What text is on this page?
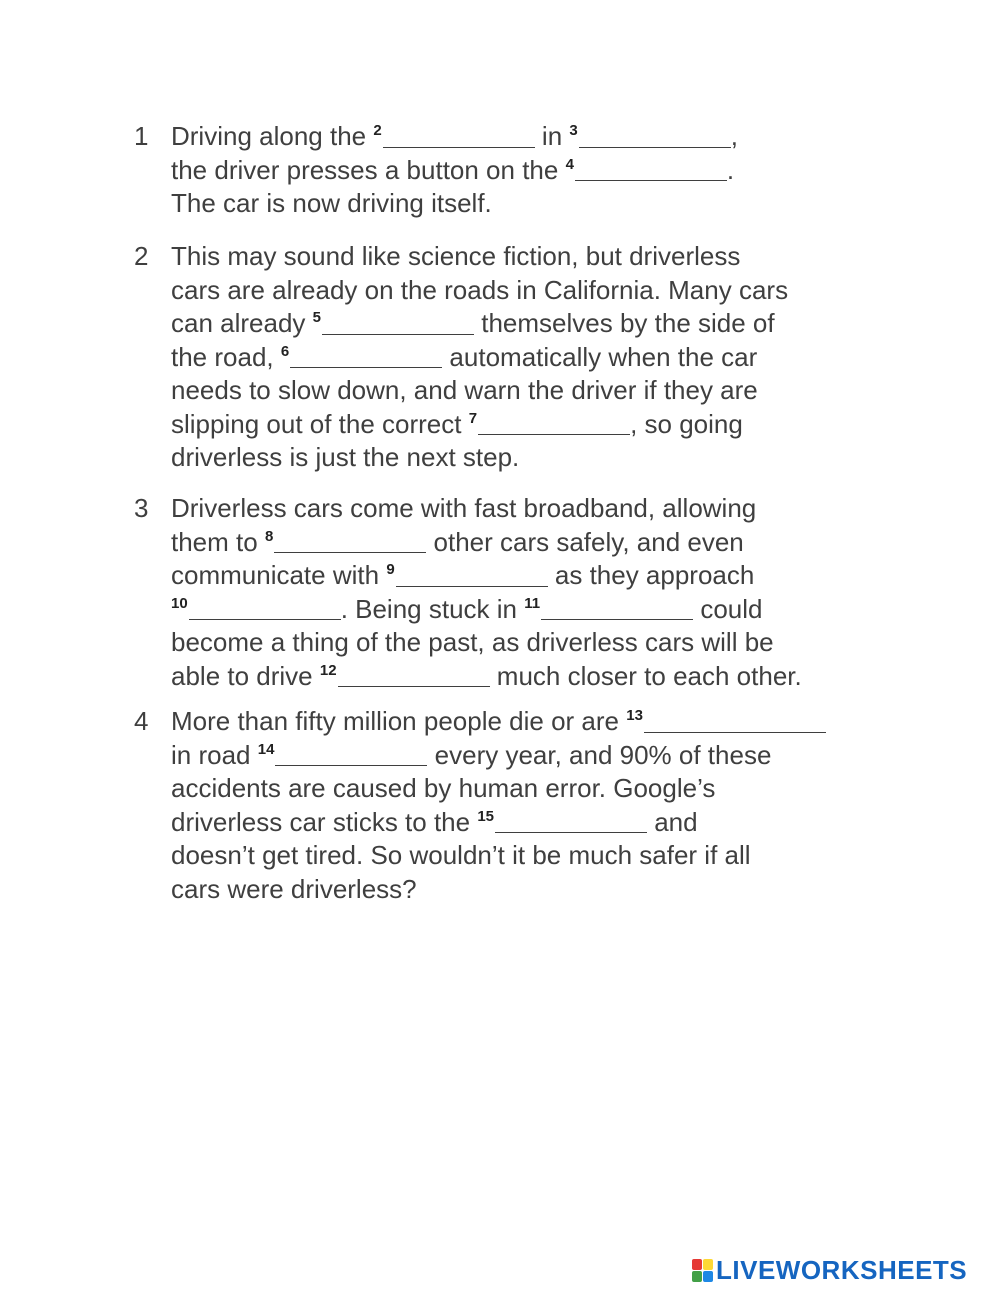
1 Driving along the $^2$	in $^3$	,
the driver presses a button on the $^4$	.
The car is now driving itself.
2 This may sound like science fiction, but driverless
cars are already on the roads in California. Many cars
can already $^5$	themselves by the side of
the road, $^6$	automatically when the car
needs to slow down, and warn the driver if they are
slipping out of the correct $^7$	, so going
driverless is just the next step.
3 Driverless cars come with fast broadband, allowing
them to $^8$	other cars safely, and even
communicate with $^9$	as they approach
$^{10}$	. Being stuck in $^{11}$	could
become a thing of the past, as driverless cars will be
able to drive $^{12}$	much closer to each other.
4 More than fifty million people die or are $^{13}$
in road $^{14}$	every year, and 90% of these
accidents are caused by human error. Google’s
driverless car sticks to the $^{15}$	and
doesn’t get tired. So wouldn’t it be much safer if all
cars were driverless?
LIVEWORKSHEETS
